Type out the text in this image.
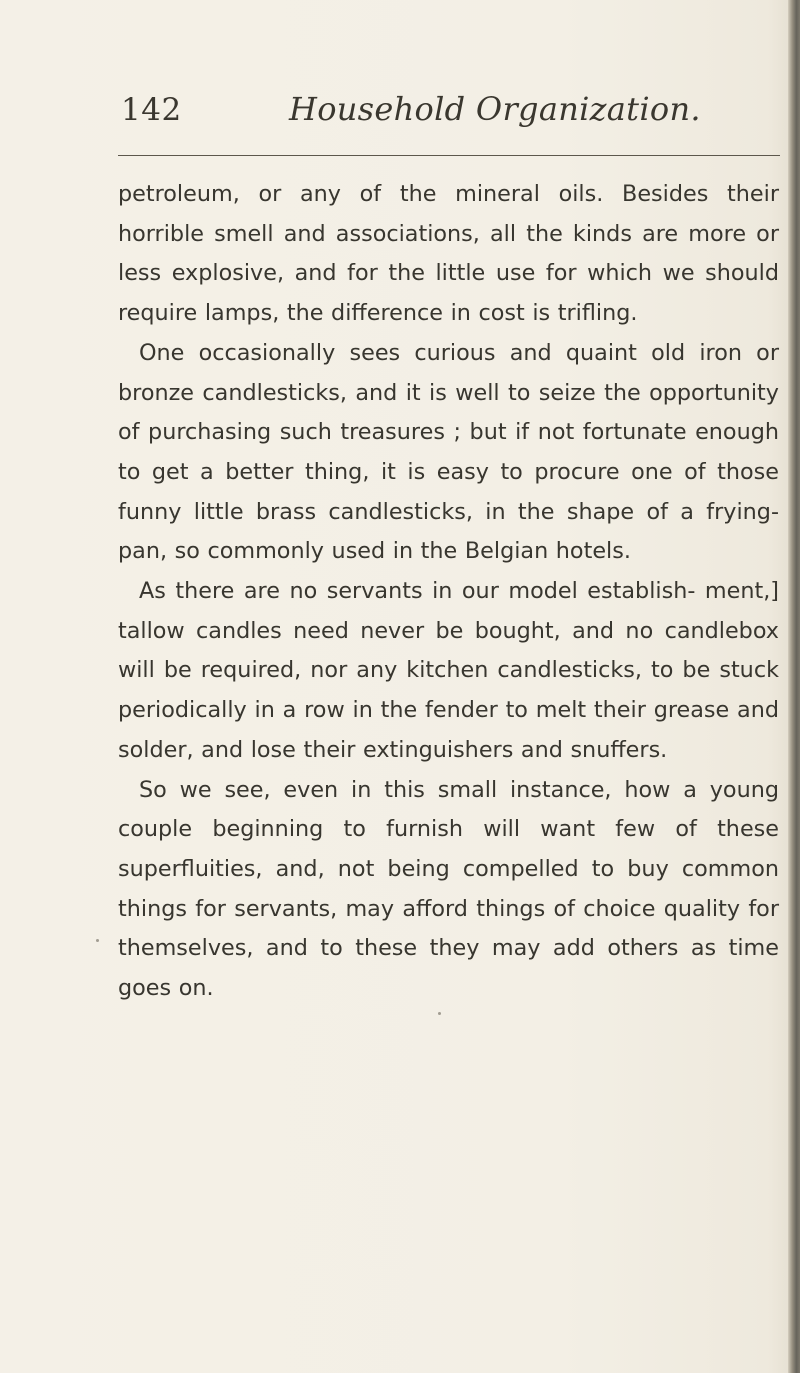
142	Household Organization.

petroleum, or any of the mineral oils. Besides their horrible smell and associations, all the kinds are more or less explosive, and for the little use for which we should require lamps, the difference in cost is trifling.

One occasionally sees curious and quaint old iron or bronze candlesticks, and it is well to seize the opportunity of purchasing such treasures ; but if not fortunate enough to get a better thing, it is easy to procure one of those funny little brass candlesticks, in the shape of a frying-pan, so commonly used in the Belgian hotels.

As there are no servants in our model establish- ment,] tallow candles need never be bought, and no candlebox will be required, nor any kitchen candlesticks, to be stuck periodically in a row in the fender to melt their grease and solder, and lose their extinguishers and snuffers.

So we see, even in this small instance, how a young couple beginning to furnish will want few of these superfluities, and, not being compelled to buy common things for servants, may afford things of choice quality for themselves, and to these they may add others as time goes on.
